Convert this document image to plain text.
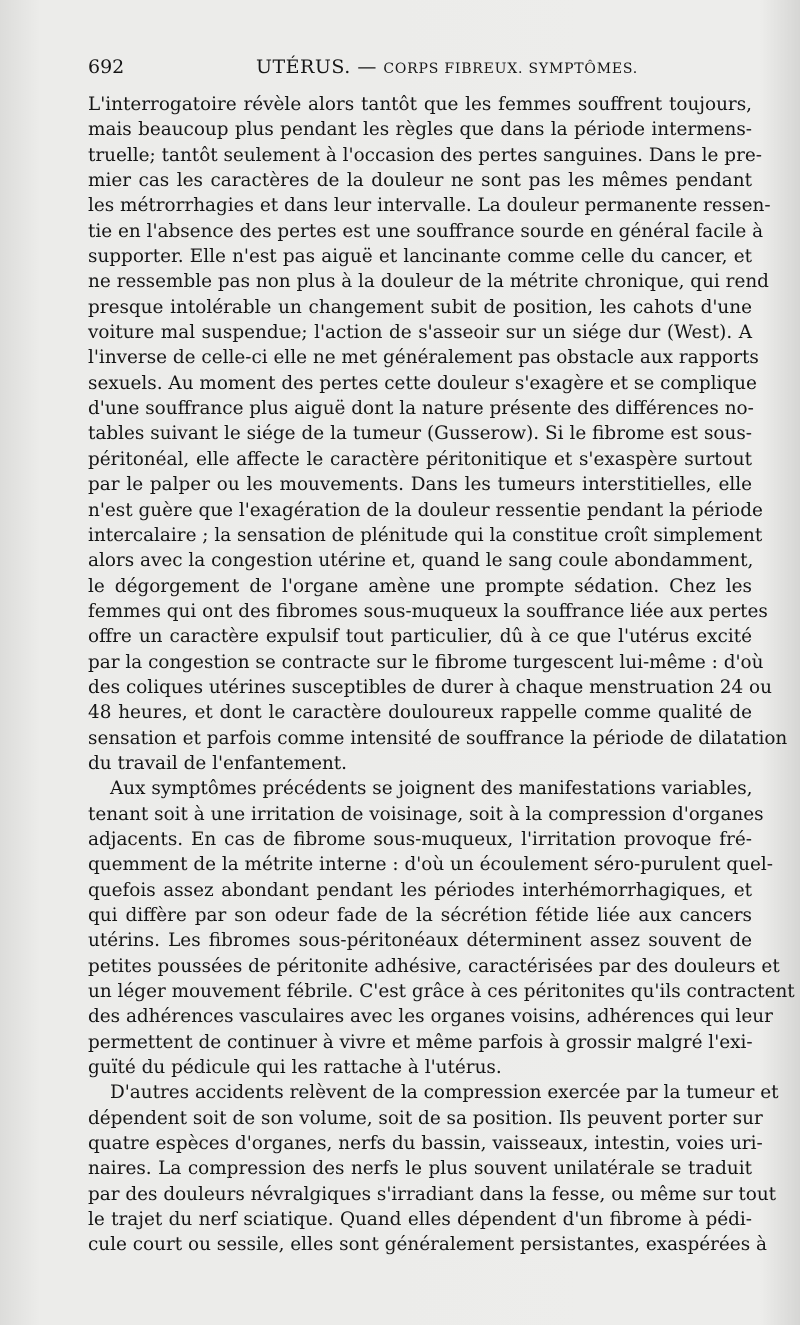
692	UTÉRUS. — CORPS FIBREUX. SYMPTÔMES.
L'interrogatoire révèle alors tantôt que les femmes souffrent toujours,
mais beaucoup plus pendant les règles que dans la période intermens-
truelle; tantôt seulement à l'occasion des pertes sanguines. Dans le pre-
mier cas les caractères de la douleur ne sont pas les mêmes pendant
les métrorrhagies et dans leur intervalle. La douleur permanente ressen-
tie en l'absence des pertes est une souffrance sourde en général facile à
supporter. Elle n'est pas aiguë et lancinante comme celle du cancer, et
ne ressemble pas non plus à la douleur de la métrite chronique, qui rend
presque intolérable un changement subit de position, les cahots d'une
voiture mal suspendue; l'action de s'asseoir sur un siége dur (West). A
l'inverse de celle-ci elle ne met généralement pas obstacle aux rapports
sexuels. Au moment des pertes cette douleur s'exagère et se complique
d'une souffrance plus aiguë dont la nature présente des différences no-
tables suivant le siége de la tumeur (Gusserow). Si le fibrome est sous-
péritonéal, elle affecte le caractère péritonitique et s'exaspère surtout
par le palper ou les mouvements. Dans les tumeurs interstitielles, elle
n'est guère que l'exagération de la douleur ressentie pendant la période
intercalaire ; la sensation de plénitude qui la constitue croît simplement
alors avec la congestion utérine et, quand le sang coule abondamment,
le dégorgement de l'organe amène une prompte sédation. Chez les
femmes qui ont des fibromes sous-muqueux la souffrance liée aux pertes
offre un caractère expulsif tout particulier, dû à ce que l'utérus excité
par la congestion se contracte sur le fibrome turgescent lui-même : d'où
des coliques utérines susceptibles de durer à chaque menstruation 24 ou
48 heures, et dont le caractère douloureux rappelle comme qualité de
sensation et parfois comme intensité de souffrance la période de dilatation
du travail de l'enfantement.
Aux symptômes précédents se joignent des manifestations variables,
tenant soit à une irritation de voisinage, soit à la compression d'organes
adjacents. En cas de fibrome sous-muqueux, l'irritation provoque fré-
quemment de la métrite interne : d'où un écoulement séro-purulent quel-
quefois assez abondant pendant les périodes interhémorrhagiques, et
qui diffère par son odeur fade de la sécrétion fétide liée aux cancers
utérins. Les fibromes sous-péritonéaux déterminent assez souvent de
petites poussées de péritonite adhésive, caractérisées par des douleurs et
un léger mouvement fébrile. C'est grâce à ces péritonites qu'ils contractent
des adhérences vasculaires avec les organes voisins, adhérences qui leur
permettent de continuer à vivre et même parfois à grossir malgré l'exi-
guïté du pédicule qui les rattache à l'utérus.
D'autres accidents relèvent de la compression exercée par la tumeur et
dépendent soit de son volume, soit de sa position. Ils peuvent porter sur
quatre espèces d'organes, nerfs du bassin, vaisseaux, intestin, voies uri-
naires. La compression des nerfs le plus souvent unilatérale se traduit
par des douleurs névralgiques s'irradiant dans la fesse, ou même sur tout
le trajet du nerf sciatique. Quand elles dépendent d'un fibrome à pédi-
cule court ou sessile, elles sont généralement persistantes, exaspérées à
